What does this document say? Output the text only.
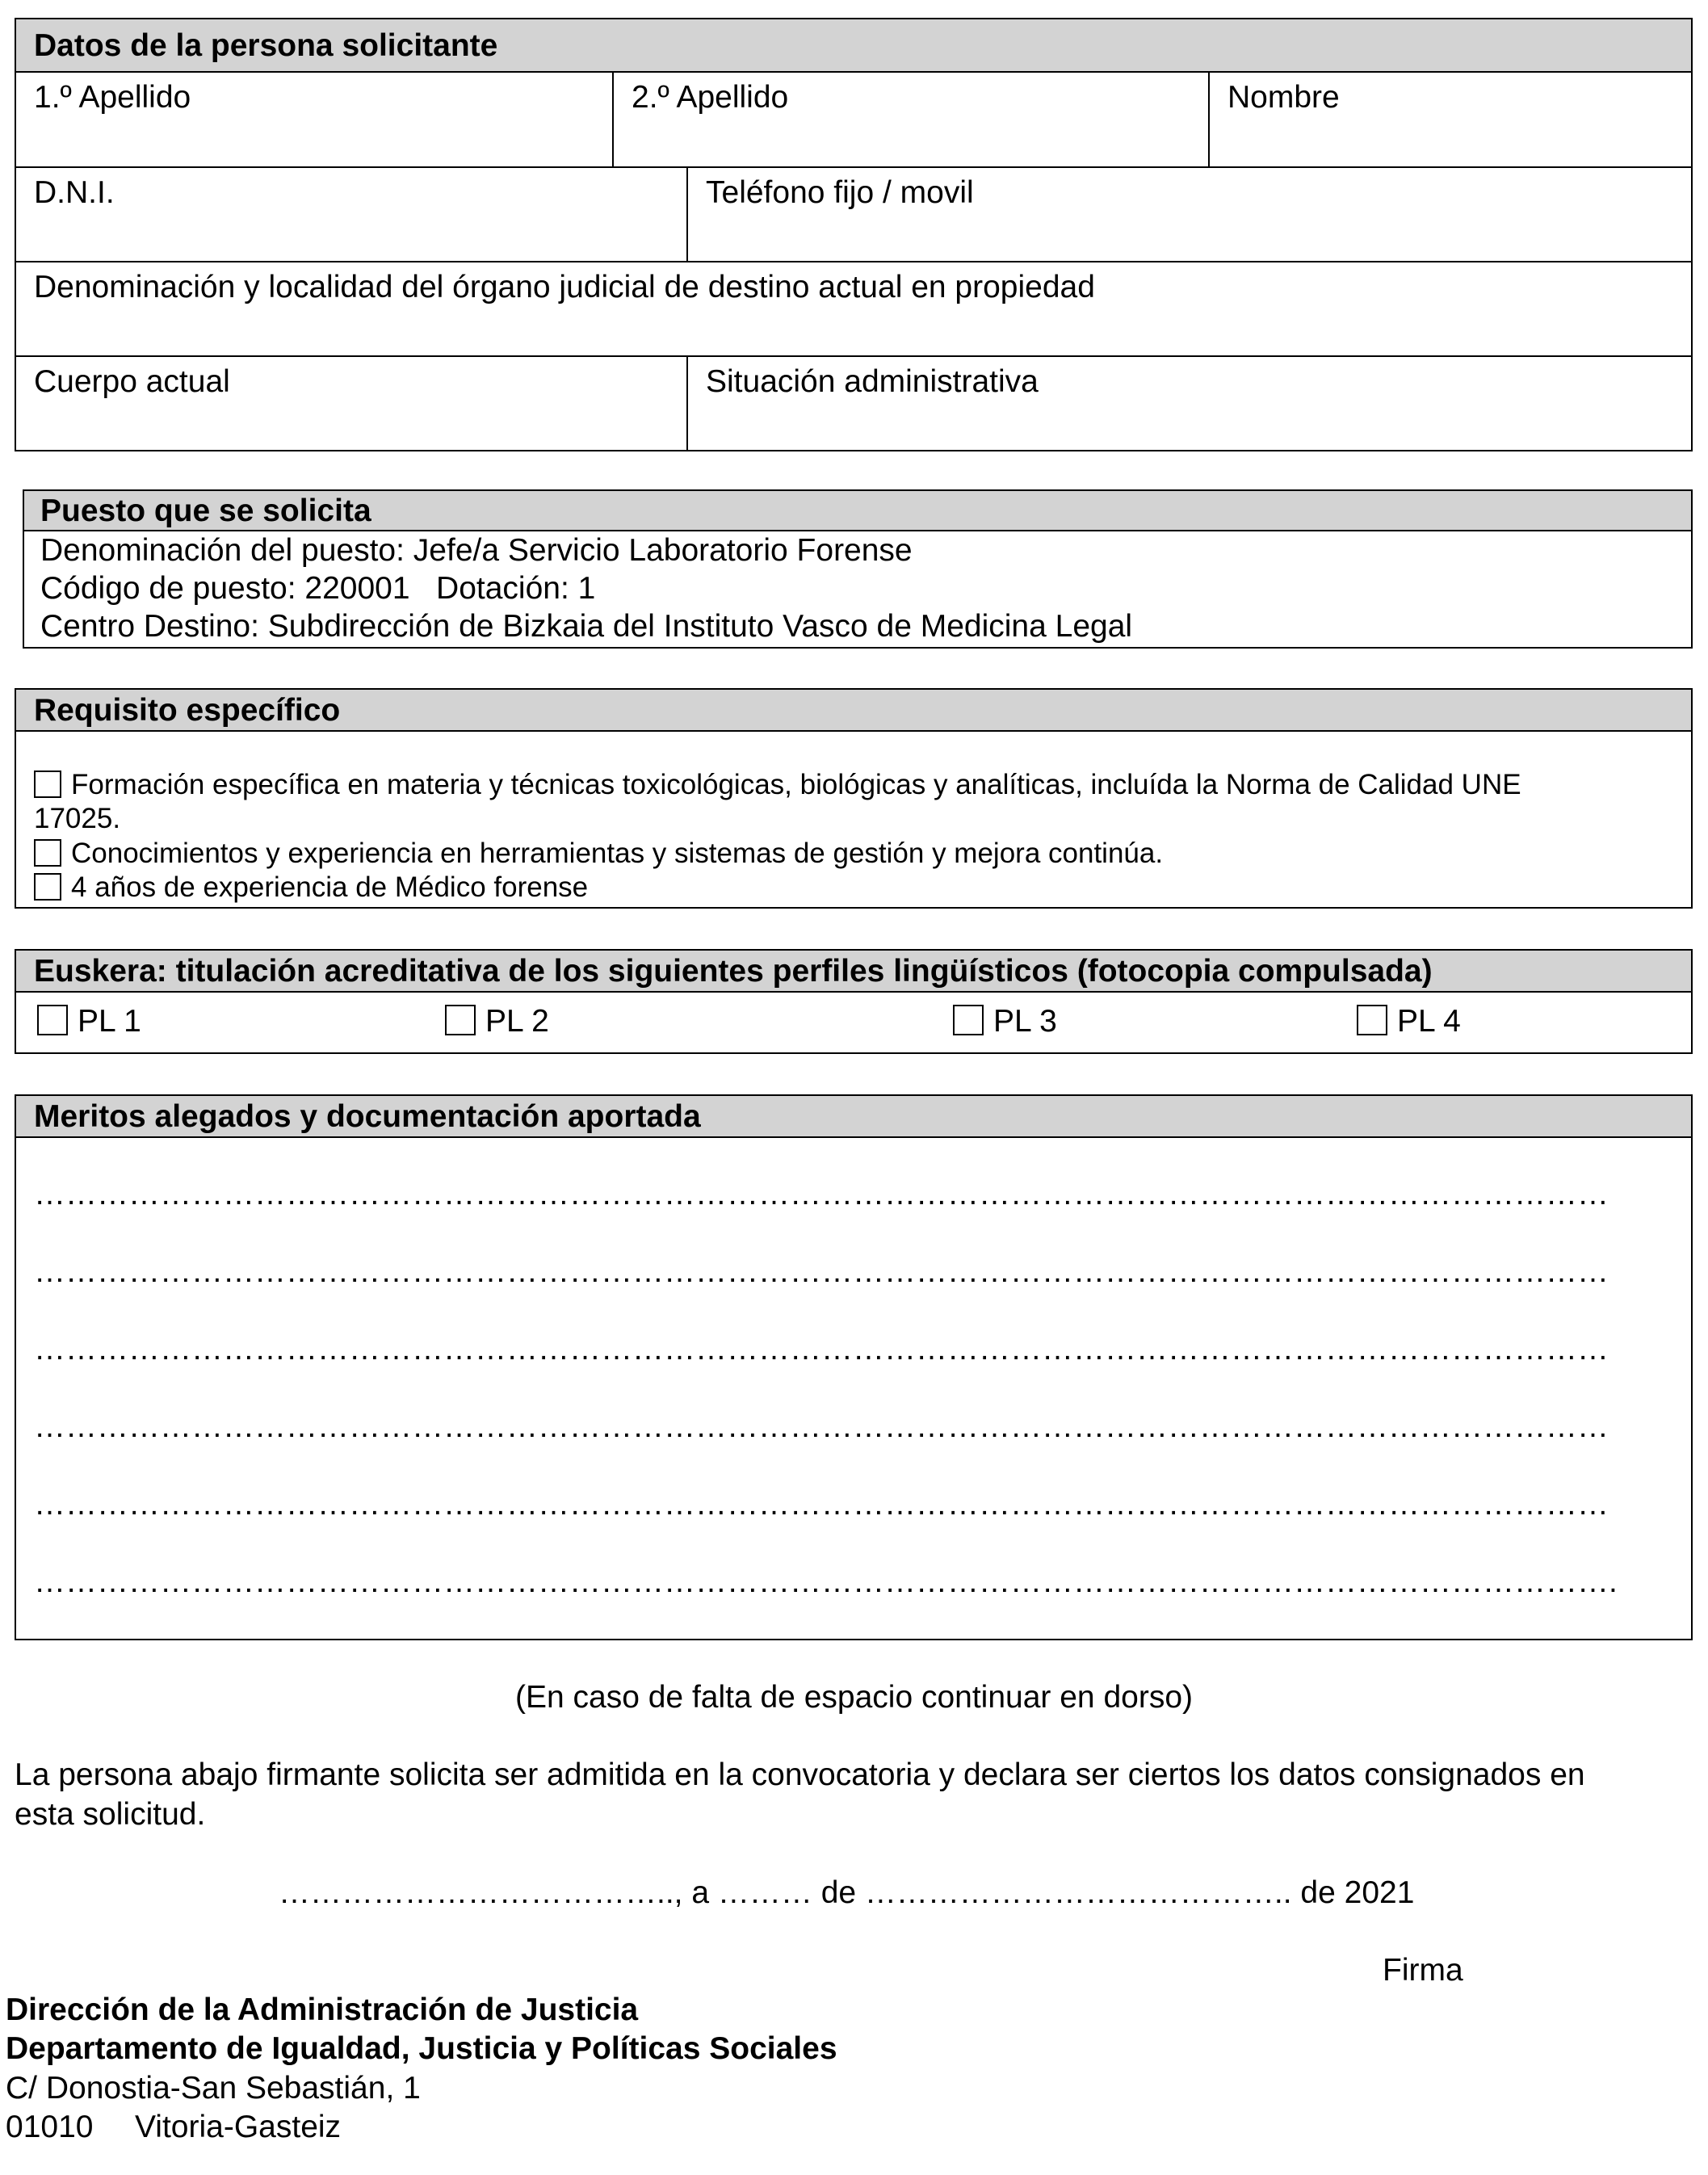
Datos de la persona solicitante
1.º Apellido	2.º Apellido	Nombre
D.N.I.	Teléfono fijo / movil
Denominación y localidad del órgano judicial de destino actual en propiedad
Cuerpo actual	Situación administrativa
Puesto que se solicita
Denominación del puesto: Jefe/a Servicio Laboratorio Forense
Código de puesto: 220001   Dotación: 1
Centro Destino: Subdirección de Bizkaia del Instituto Vasco de Medicina Legal
Requisito específico
Formación específica en materia y técnicas toxicológicas, biológicas y analíticas, incluída la Norma de Calidad UNE
17025.
Conocimientos y experiencia en herramientas y sistemas de gestión y mejora continúa.
4 años de experiencia de Médico forense
Euskera: titulación acreditativa de los siguientes perfiles lingüísticos (fotocopia compulsada)
PL 1	PL 2	PL 3	PL 4
Meritos alegados y documentación aportada
……………………………………………………………………………………………………………………………………
……………………………………………………………………………………………………………………………………
……………………………………………………………………………………………………………………………………
……………………………………………………………………………………………………………………………………
……………………………………………………………………………………………………………………………………
…………………………………………………………………………………………………………………………………….
(En caso de falta de espacio continuar en dorso)
La persona abajo firmante solicita ser admitida en la convocatoria y declara ser ciertos los datos consignados en
esta solicitud.
……………………………….., a ……… de ………………………………….. de 2021
Firma
Dirección de la Administración de Justicia
Departamento de Igualdad, Justicia y Políticas Sociales
C/ Donostia-San Sebastián, 1
01010 Vitoria-Gasteiz
